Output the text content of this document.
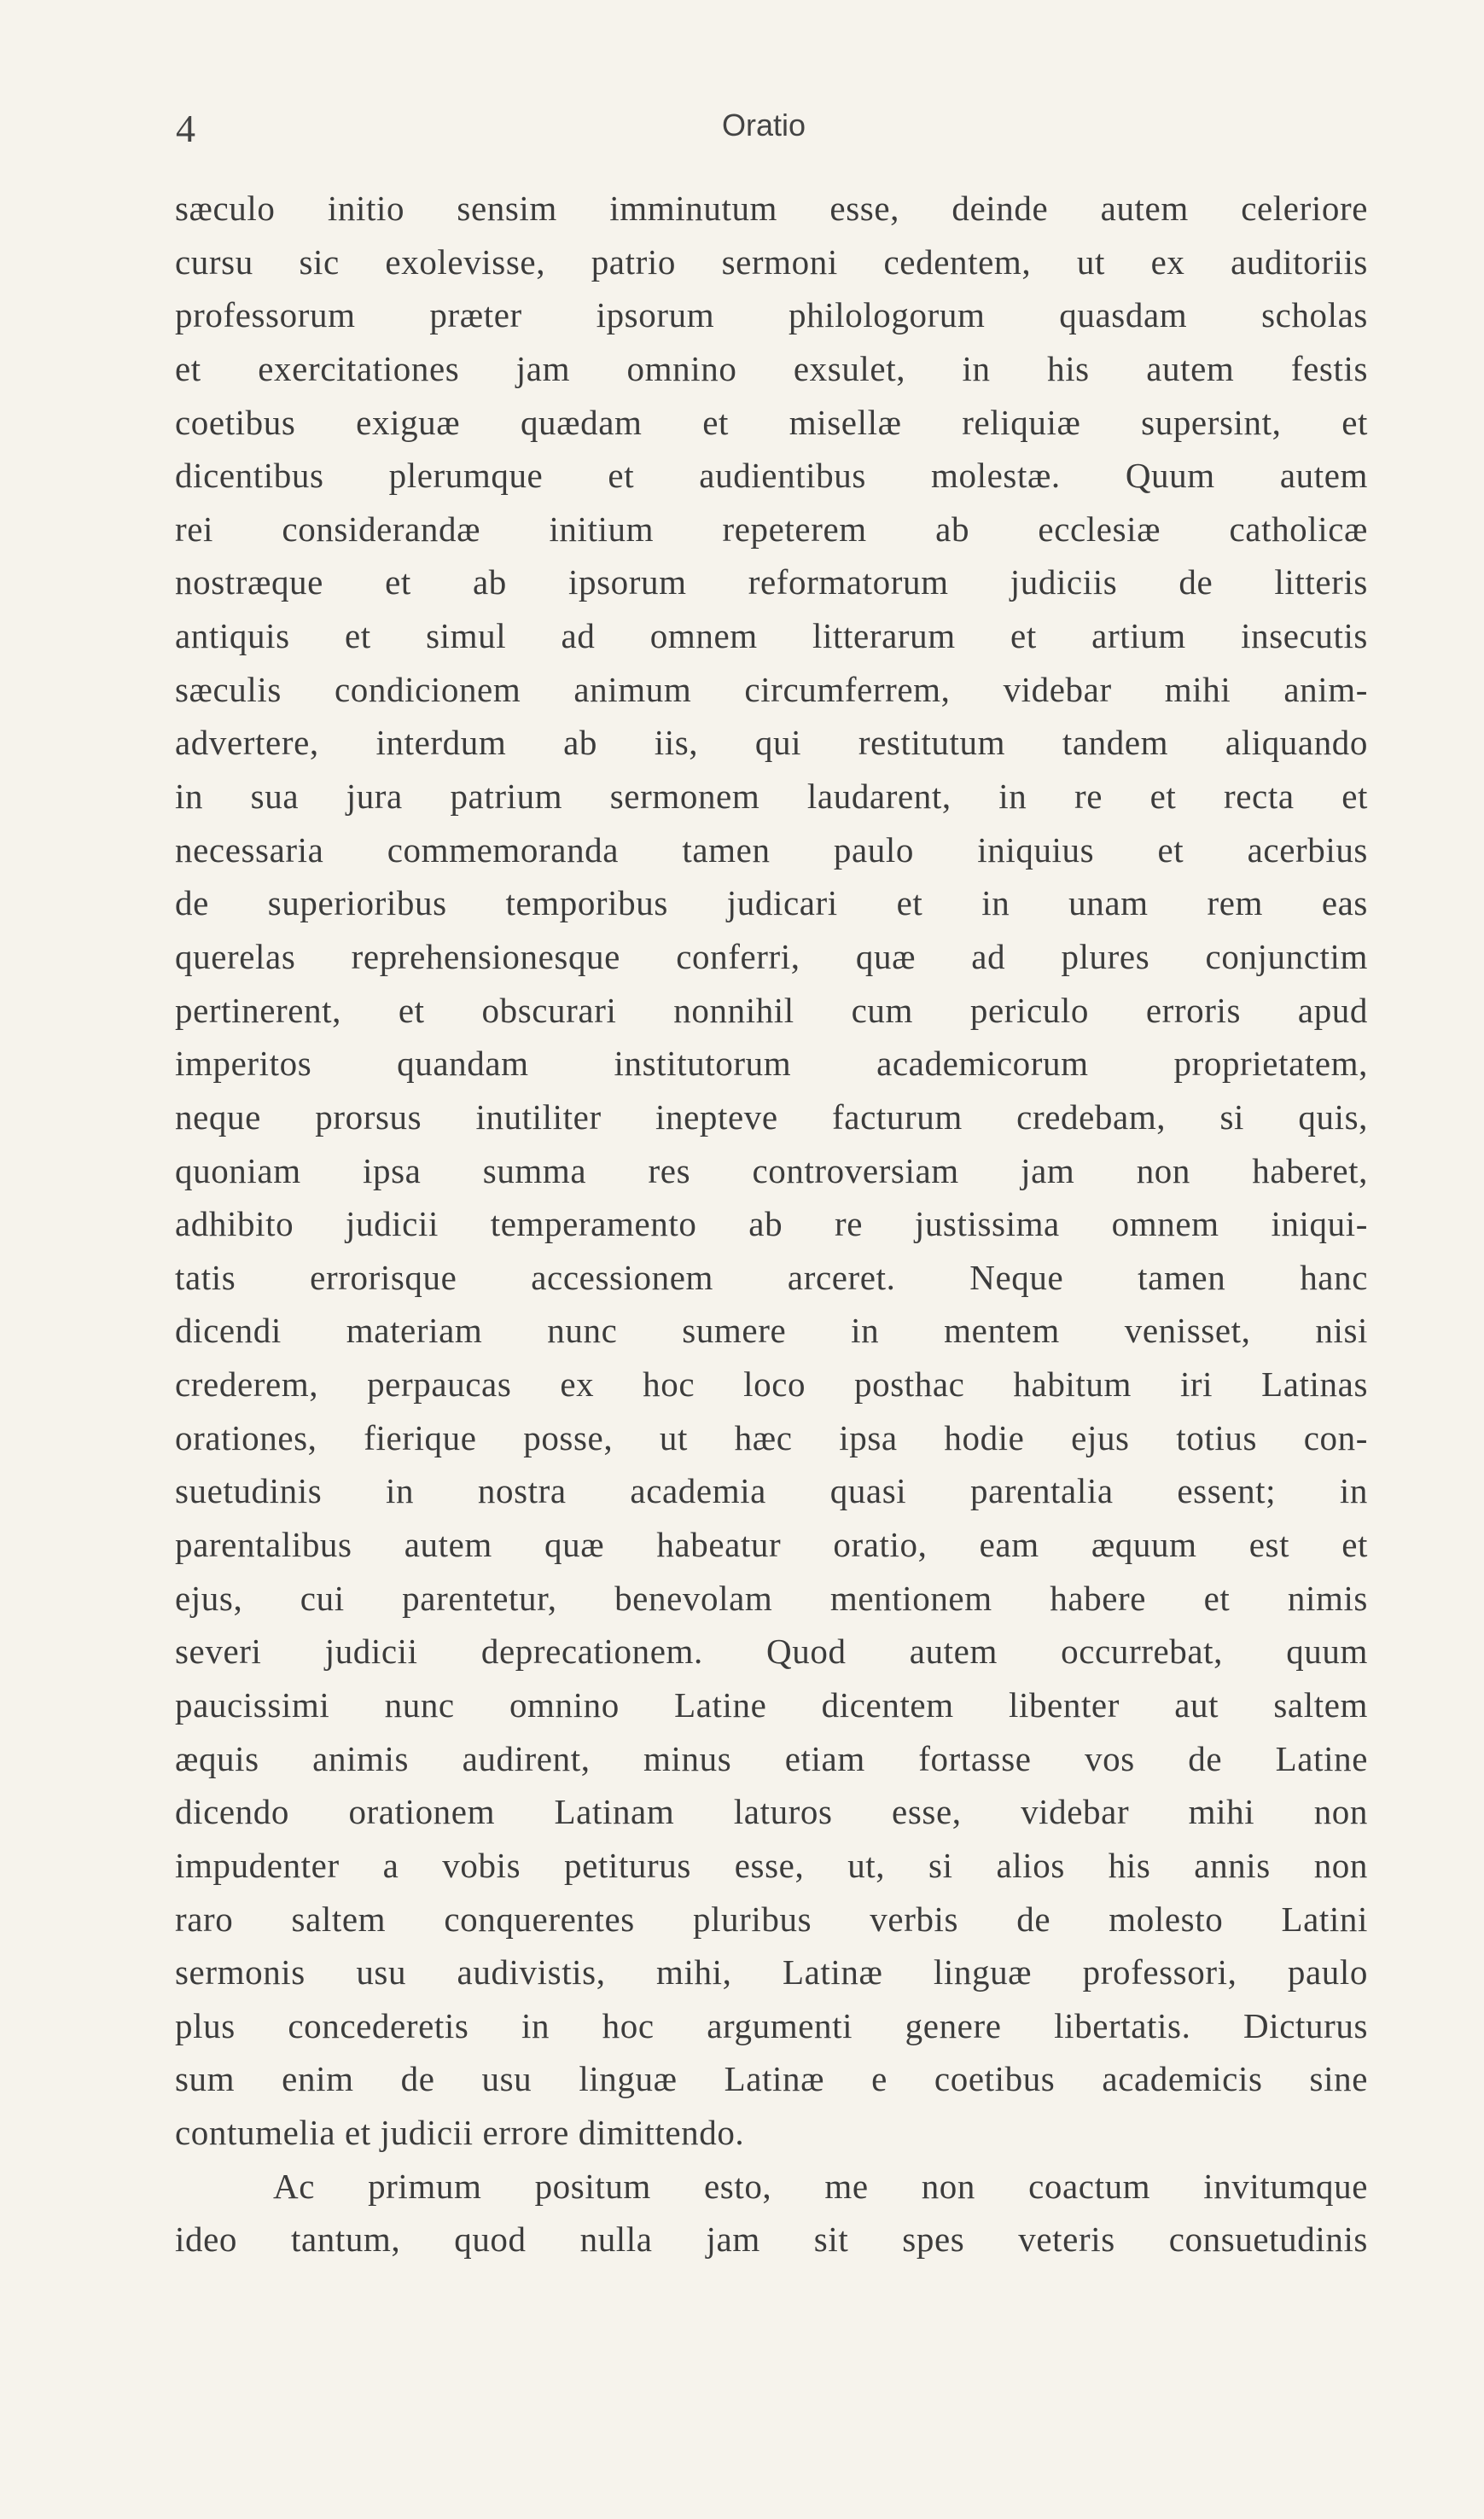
4	Oratio
sæculo initio sensim imminutum esse, deinde autem celeriore
cursu sic exolevisse, patrio sermoni cedentem, ut ex auditoriis
professorum præter ipsorum philologorum quasdam scholas
et exercitationes jam omnino exsulet, in his autem festis
coetibus exiguæ quædam et misellæ reliquiæ supersint, et
dicentibus plerumque et audientibus molestæ. Quum autem
rei considerandæ initium repeterem ab ecclesiæ catholicæ
nostræque et ab ipsorum reformatorum judiciis de litteris
antiquis et simul ad omnem litterarum et artium insecutis
sæculis condicionem animum circumferrem, videbar mihi anim-
advertere, interdum ab iis, qui restitutum tandem aliquando
in sua jura patrium sermonem laudarent, in re et recta et
necessaria commemoranda tamen paulo iniquius et acerbius
de superioribus temporibus judicari et in unam rem eas
querelas reprehensionesque conferri, quæ ad plures conjunctim
pertinerent, et obscurari nonnihil cum periculo erroris apud
imperitos quandam institutorum academicorum proprietatem,
neque prorsus inutiliter inepteve facturum credebam, si quis,
quoniam ipsa summa res controversiam jam non haberet,
adhibito judicii temperamento ab re justissima omnem iniqui-
tatis errorisque accessionem arceret. Neque tamen hanc
dicendi materiam nunc sumere in mentem venisset, nisi
crederem, perpaucas ex hoc loco posthac habitum iri Latinas
orationes, fierique posse, ut hæc ipsa hodie ejus totius con-
suetudinis in nostra academia quasi parentalia essent; in
parentalibus autem quæ habeatur oratio, eam æquum est et
ejus, cui parentetur, benevolam mentionem habere et nimis
severi judicii deprecationem. Quod autem occurrebat, quum
paucissimi nunc omnino Latine dicentem libenter aut saltem
æquis animis audirent, minus etiam fortasse vos de Latine
dicendo orationem Latinam laturos esse, videbar mihi non
impudenter a vobis petiturus esse, ut, si alios his annis non
raro saltem conquerentes pluribus verbis de molesto Latini
sermonis usu audivistis, mihi, Latinæ linguæ professori, paulo
plus concederetis in hoc argumenti genere libertatis. Dicturus
sum enim de usu linguæ Latinæ e coetibus academicis sine
contumelia et judicii errore dimittendo.
Ac primum positum esto, me non coactum invitumque
ideo tantum, quod nulla jam sit spes veteris consuetudinis
